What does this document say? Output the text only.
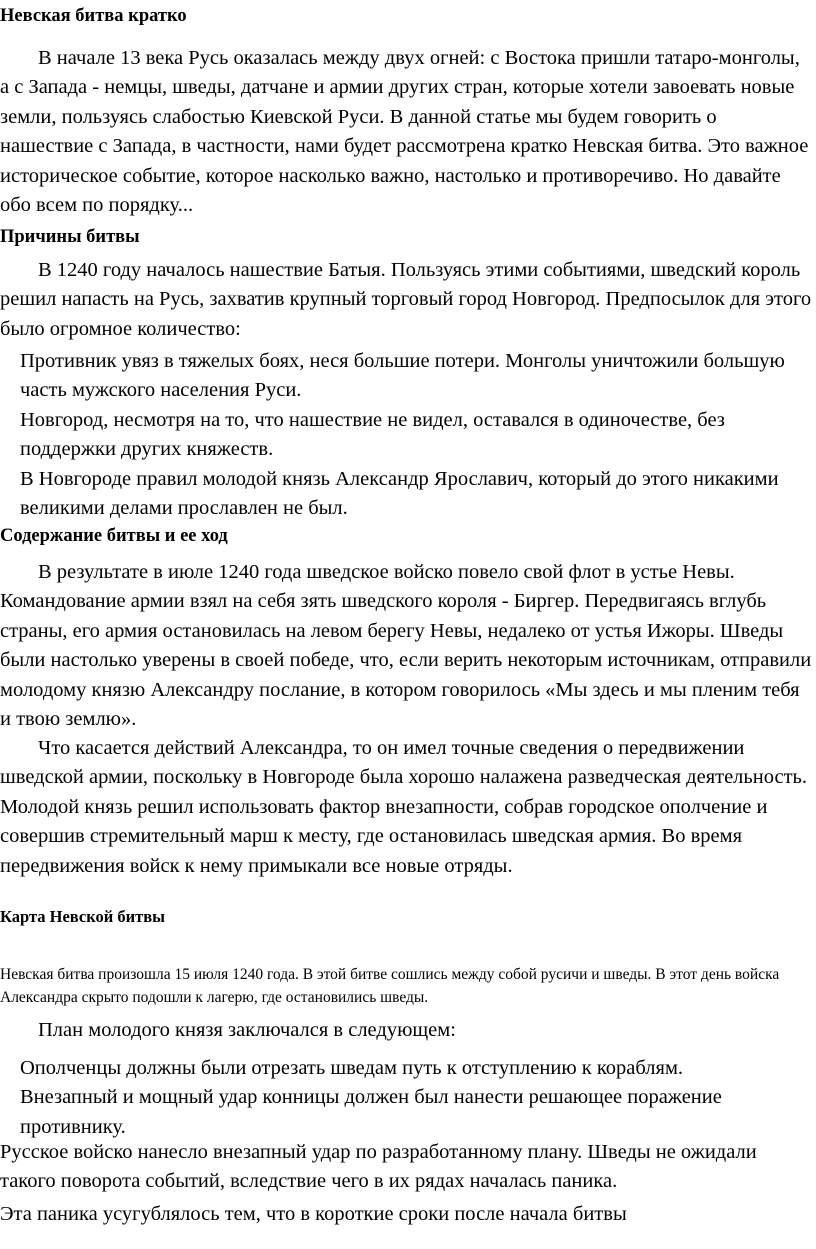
Невская битва кратко

В начале 13 века Русь оказалась между двух огней: с Востока пришли татаро-монголы, а с Запада - немцы, шведы, датчане и армии других стран, которые хотели завоевать новые земли, пользуясь слабостью Киевской Руси. В данной статье мы будем говорить о нашествие с Запада, в частности, нами будет рассмотрена кратко Невская битва. Это важное историческое событие, которое насколько важно, настолько и противоречиво. Но давайте обо всем по порядку...

Причины битвы

В 1240 году началось нашествие Батыя. Пользуясь этими событиями, шведский король решил напасть на Русь, захватив крупный торговый город Новгород. Предпосылок для этого было огромное количество:

Противник увяз в тяжелых боях, неся большие потери. Монголы уничтожили большую часть мужского населения Руси.

Новгород, несмотря на то, что нашествие не видел, оставался в одиночестве, без поддержки других княжеств.

В Новгороде правил молодой князь Александр Ярославич, который до этого никакими великими делами прославлен не был.

Содержание битвы и ее ход

В результате в июле 1240 года шведское войско повело свой флот в устье Невы. Командование армии взял на себя зять шведского короля - Биргер. Передвигаясь вглубь страны, его армия остановилась на левом берегу Невы, недалеко от устья Ижоры. Шведы были настолько уверены в своей победе, что, если верить некоторым источникам, отправили молодому князю Александру послание, в котором говорилось «Мы здесь и мы пленим тебя и твою землю».

Что касается действий Александра, то он имел точные сведения о передвижении шведской армии, поскольку в Новгороде была хорошо налажена разведческая деятельность. Молодой князь решил использовать фактор внезапности, собрав городское ополчение и совершив стремительный марш к месту, где остановилась шведская армия. Во время передвижения войск к нему примыкали все новые отряды.

Карта Невской битвы

Невская битва произошла 15 июля 1240 года. В этой битве сошлись между собой русичи и шведы. В этот день войска Александра скрыто подошли к лагерю, где остановились шведы.

План молодого князя заключался в следующем:

Ополченцы должны были отрезать шведам путь к отступлению к кораблям.

Внезапный и мощный удар конницы должен был нанести решающее поражение противнику.

Русское войско нанесло внезапный удар по разработанному плану. Шведы не ожидали такого поворота событий, вследствие чего в их рядах началась паника.

Эта паника усугублялось тем, что в короткие сроки после начала битвы
